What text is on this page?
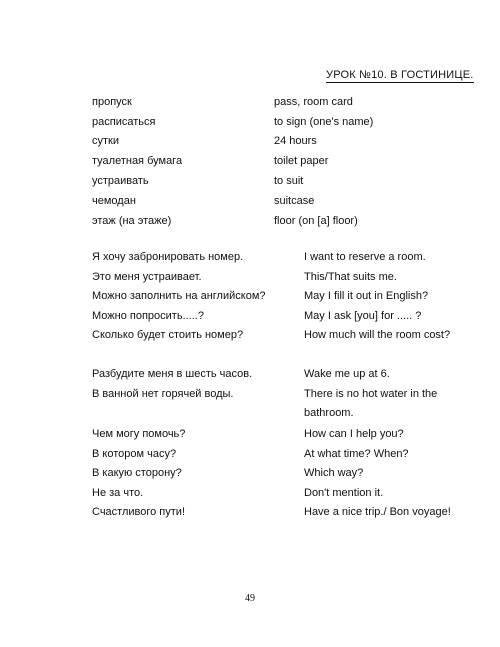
УРОК №10. В ГОСТИНИЦЕ.
пропуск	pass, room card
расписаться	to sign (one's name)
сутки	24 hours
туалетная бумага	toilet paper
устраивать	to suit
чемодан	suitcase
этаж (на этаже)	floor (on [a] floor)
Я хочу забронировать номер.	I want to reserve a room.
Это меня устраивает.	This/That suits me.
Можно заполнить на английском?	May I fill it out in English?
Можно попросить.....?	May I ask [you] for ..... ?
Сколько будет стоить номер?	How much will the room cost?
Разбудите меня в шесть часов.	Wake me up at 6.
В ванной нет горячей воды.	There is no hot water in the bathroom.
Чем могу помочь?	How can I help you?
В котором часу?	At what time? When?
В какую сторону?	Which way?
Не за что.	Don't mention it.
Счастливого пути!	Have a nice trip./ Bon voyage!
49
